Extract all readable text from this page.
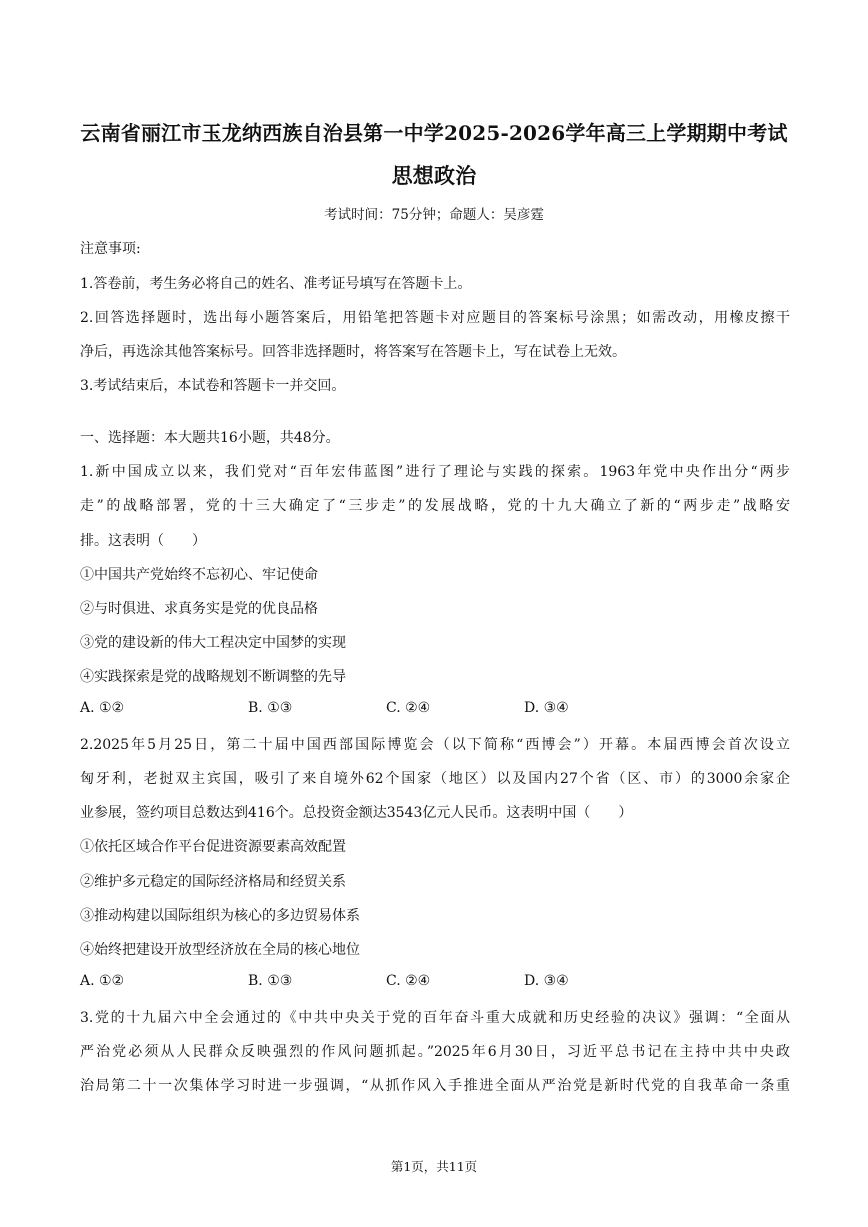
云南省丽江市玉龙纳西族自治县第一中学2025-2026学年高三上学期期中考试
思想政治
考试时间：75分钟；命题人：吴彦霆
注意事项:
1.答卷前，考生务必将自己的姓名、准考证号填写在答题卡上。
2.回答选择题时，选出每小题答案后，用铅笔把答题卡对应题目的答案标号涂黑；如需改动，用橡皮擦干
净后，再选涂其他答案标号。回答非选择题时，将答案写在答题卡上，写在试卷上无效。
3.考试结束后，本试卷和答题卡一并交回。
一、选择题：本大题共16小题，共48分。
1.新中国成立以来，我们党对“百年宏伟蓝图”进行了理论与实践的探索。1963年党中央作出分“两步
走”的战略部署，党的十三大确定了“三步走”的发展战略，党的十九大确立了新的“两步走”战略安
排。这表明（　　）
①中国共产党始终不忘初心、牢记使命
②与时俱进、求真务实是党的优良品格
③党的建设新的伟大工程决定中国梦的实现
④实践探索是党的战略规划不断调整的先导
A. ①②	B. ①③	C. ②④	D. ③④
2.2025年5月25日，第二十届中国西部国际博览会（以下简称“西博会”）开幕。本届西博会首次设立
匈牙利，老挝双主宾国，吸引了来自境外62个国家（地区）以及国内27个省（区、市）的3000余家企
业参展，签约项目总数达到416个。总投资金额达3543亿元人民币。这表明中国（　　）
①依托区域合作平台促进资源要素高效配置
②维护多元稳定的国际经济格局和经贸关系
③推动构建以国际组织为核心的多边贸易体系
④始终把建设开放型经济放在全局的核心地位
A. ①②	B. ①③	C. ②④	D. ③④
3.党的十九届六中全会通过的《中共中央关于党的百年奋斗重大成就和历史经验的决议》强调：“全面从
严治党必须从人民群众反映强烈的作风问题抓起。”2025年6月30日，习近平总书记在主持中共中央政
治局第二十一次集体学习时进一步强调，“从抓作风入手推进全面从严治党是新时代党的自我革命一条重
第1页，共11页
